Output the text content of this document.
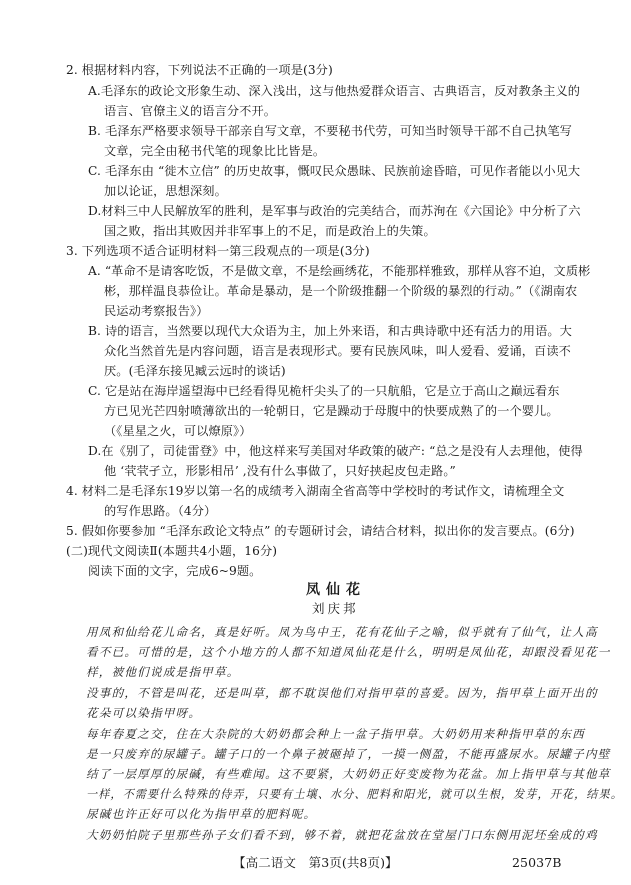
2. 根据材料内容，下列说法不正确的一项是(3分)
A.毛泽东的政论文形象生动、深入浅出，这与他热爱群众语言、古典语言，反对教条主义的
语言、官僚主义的语言分不开。
B. 毛泽东严格要求领导干部亲自写文章，不要秘书代劳，可知当时领导干部不自己执笔写
文章，完全由秘书代笔的现象比比皆是。
C. 毛泽东由 “徙木立信” 的历史故事，慨叹民众愚昧、民族前途昏暗，可见作者能以小见大
加以论证，思想深刻。
D.材料三中人民解放军的胜利，是军事与政治的完美结合，而苏洵在《六国论》中分析了六
国之败，指出其败因并非军事上的不足，而是政治上的失策。
3. 下列选项不适合证明材料一第三段观点的一项是(3分)
A. “革命不是请客吃饭，不是做文章，不是绘画绣花，不能那样雅致，那样从容不迫，文质彬
彬，那样温良恭俭让。革命是暴动，是一个阶级推翻一个阶级的暴烈的行动。”（《湖南农
民运动考察报告》）
B. 诗的语言，当然要以现代大众语为主，加上外来语，和古典诗歌中还有活力的用语。大
众化当然首先是内容问题，语言是表现形式。要有民族风味，叫人爱看、爱诵，百读不
厌。(毛泽东接见臧云远时的谈话)
C. 它是站在海岸遥望海中已经看得见桅杆尖头了的一只航船，它是立于高山之巅远看东
方已见光芒四射喷薄欲出的一轮朝日，它是躁动于母腹中的快要成熟了的一个婴儿。
（《星星之火，可以燎原》）
D.在《别了，司徒雷登》中，他这样来写美国对华政策的破产: “总之是没有人去理他，使得
他 ‘茕茕孑立，形影相吊’ ,没有什么事做了，只好挟起皮包走路。”
4. 材料二是毛泽东19岁以第一名的成绩考入湖南全省高等中学校时的考试作文，请梳理全文
的写作思路。（4分）
5. 假如你要参加 “毛泽东政论文特点” 的专题研讨会，请结合材料，拟出你的发言要点。(6分)
(二)现代文阅读Ⅱ(本题共4小题，16分)
阅读下面的文字，完成6~9题。
凤仙花
刘庆邦
用凤和仙给花儿命名，真是好听。凤为鸟中王，花有花仙子之喻，似乎就有了仙气，让人高
看不已。可惜的是，这个小地方的人都不知道凤仙花是什么，明明是凤仙花，却跟没看见花一
样，被他们说成是指甲草。
没事的，不管是叫花，还是叫草，都不耽误他们对指甲草的喜爱。因为，指甲草上面开出的
花朵可以染指甲呀。
每年春夏之交，住在大杂院的大奶奶都会种上一盆子指甲草。大奶奶用来种指甲草的东西
是一只废弃的尿罐子。罐子口的一个鼻子被砸掉了，一摸一侧盈，不能再盛尿水。尿罐子内壁
结了一层厚厚的尿碱，有些难闻。这不要紧，大奶奶正好变废物为花盆。加上指甲草与其他草
一样，不需要什么特殊的侍弄，只要有土壤、水分、肥料和阳光，就可以生根，发芽，开花，结果。
尿碱也许正好可以化为指甲草的肥料呢。
大奶奶怕院子里那些孙子女们看不到，够不着，就把花盆放在堂屋门口东侧用泥坯垒成的鸡
【高二语文　第3页(共8页)】	25037B
